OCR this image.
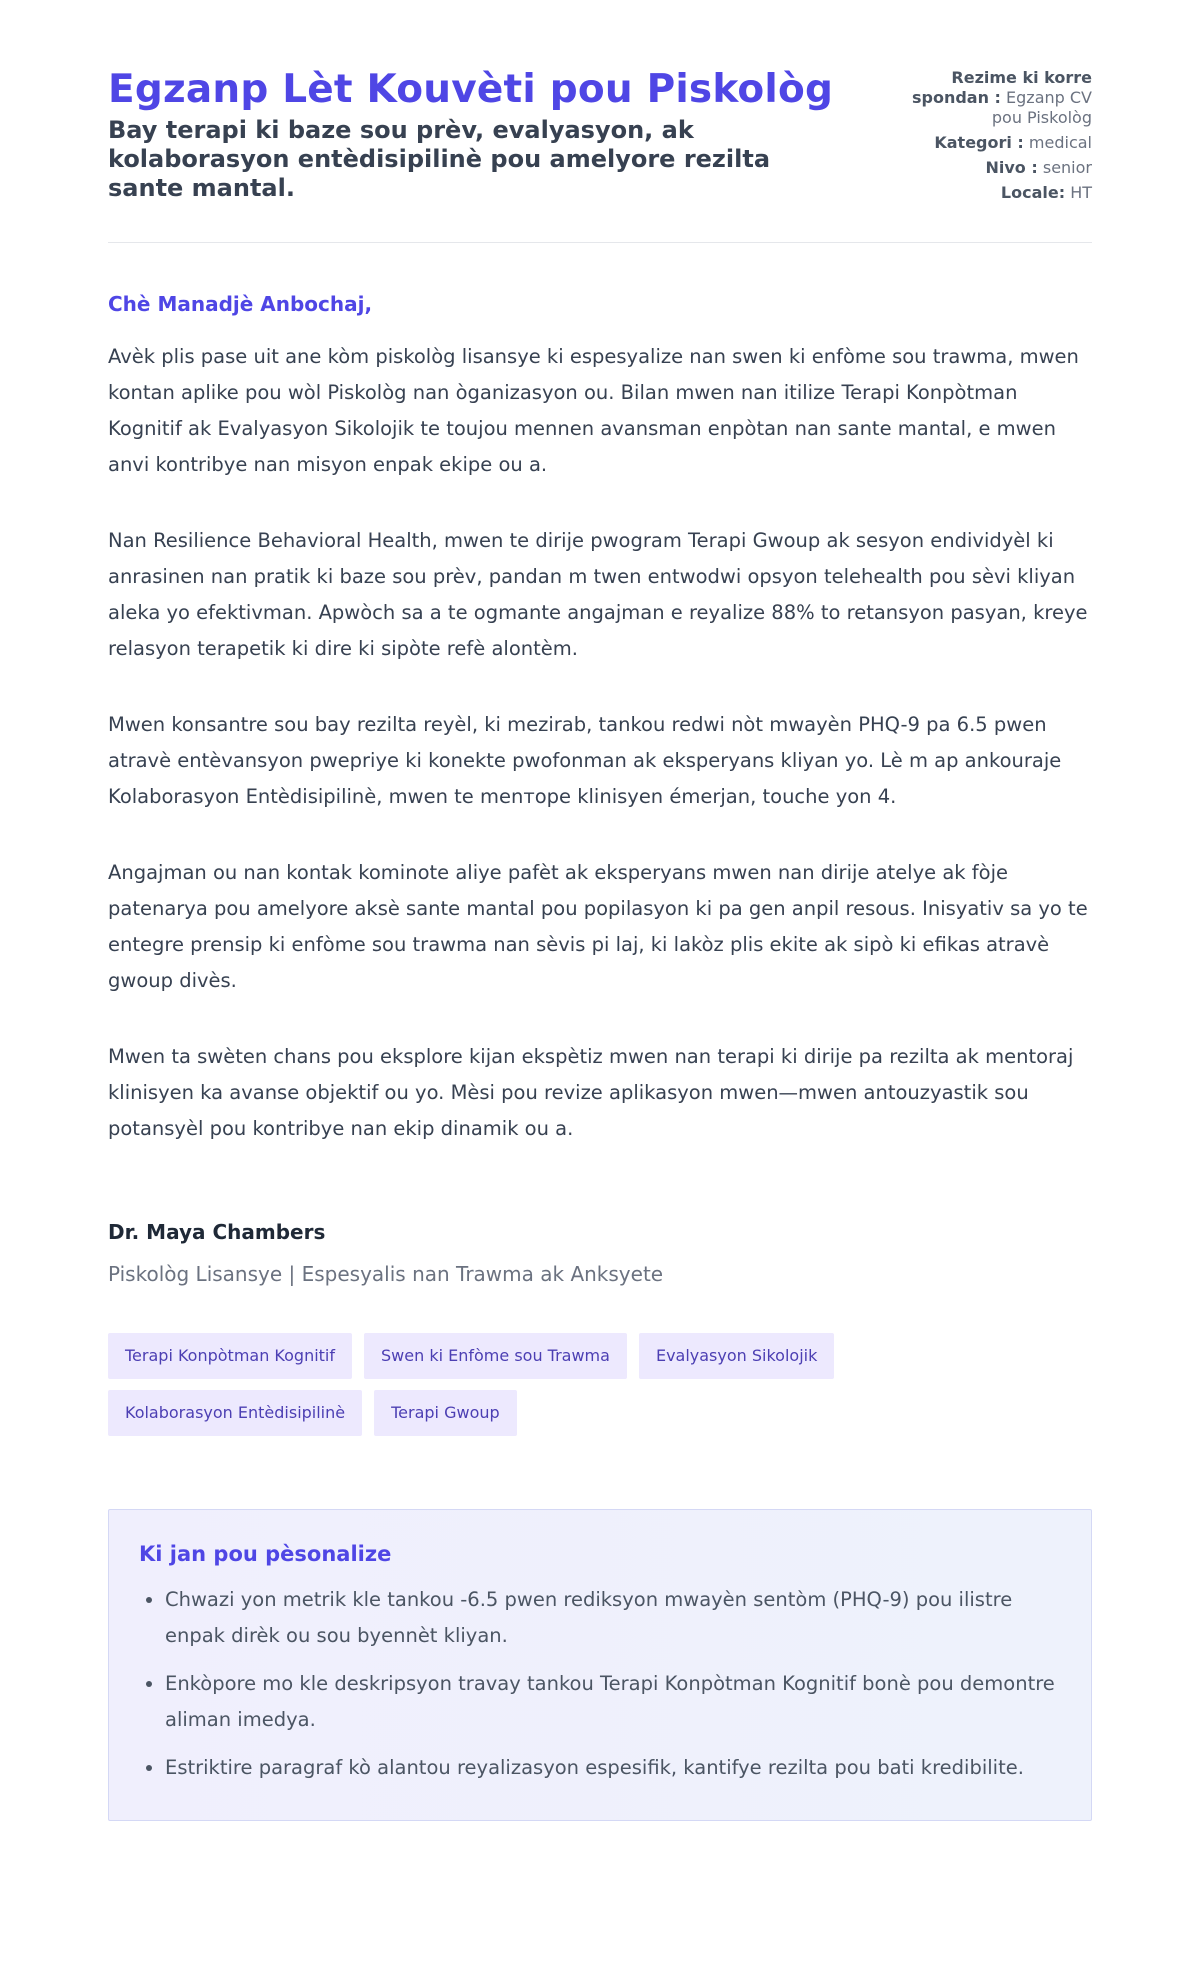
Egzanp Lèt Kouvèti pou Piskològ
Bay terapi ki baze sou prèv, evalyasyon, ak kolaborasyon entèdisipilinè pou amelyore rezilta sante mantal.
Rezime ki korre spondan : Egzanp CV pou Piskològ
Kategori : medical
Nivo : senior
Locale: HT
Chè Manadjè Anbochaj,

Avèk plis pase uit ane kòm piskològ lisansye ki espesyalize nan swen ki enfòme sou trawma, mwen kontan aplike pou wòl Piskològ nan òganizasyon ou. Bilan mwen nan itilize Terapi Konpòtman Kognitif ak Evalyasyon Sikolojik te toujou mennen avansman enpòtan nan sante mantal, e mwen anvi kontribye nan misyon enpak ekipe ou a.

Nan Resilience Behavioral Health, mwen te dirije pwogram Terapi Gwoup ak sesyon endividyèl ki anrasinen nan pratik ki baze sou prèv, pandan m twen entwodwi opsyon telehealth pou sèvi kliyan aleka yo efektivman. Apwòch sa a te ogmante angajman e reyalize 88% to retansyon pasyan, kreye relasyon terapetik ki dire ki sipòte refè alontèm.

Mwen konsantre sou bay rezilta reyèl, ki mezirab, tankou redwi nòt mwayèn PHQ-9 pa 6.5 pwen atravè entèvansyon pwepriye ki konekte pwofonman ak eksperyans kliyan yo. Lè m ap ankouraje Kolaborasyon Entèdisipilinè, mwen te menтоpe klinisyen émerjan, touche yon 4.

Angajman ou nan kontak kominote aliye pafèt ak eksperyans mwen nan dirije atelye ak fòje patenarya pou amelyore aksè sante mantal pou popilasyon ki pa gen anpil resous. Inisyativ sa yo te entegre prensip ki enfòme sou trawma nan sèvis pi laj, ki lakòz plis ekite ak sipò ki efikas atravè gwoup divès.

Mwen ta swèten chans pou eksplore kijan ekspètiz mwen nan terapi ki dirije pa rezilta ak mentoraj klinisyen ka avanse objektif ou yo. Mèsi pou revize aplikasyon mwen—mwen antouzyastik sou potansyèl pou kontribye nan ekip dinamik ou a.

Dr. Maya Chambers
Piskològ Lisansye | Espesyalis nan Trawma ak Anksyete
Terapi Konpòtman Kognitif	Swen ki Enfòme sou Trawma	Evalyasyon Sikolojik
Kolaborasyon Entèdisipilinè	Terapi Gwoup
Ki jan pou pèsonalize
• Chwazi yon metrik kle tankou -6.5 pwen rediksyon mwayèn sentòm (PHQ-9) pou ilistre enpak dirèk ou sou byennèt kliyan.
• Enkòpore mo kle deskripsyon travay tankou Terapi Konpòtman Kognitif bonè pou demontre aliman imedya.
• Estriktire paragraf kò alantou reyalizasyon espesifik, kantifye rezilta pou bati kredibilite.
